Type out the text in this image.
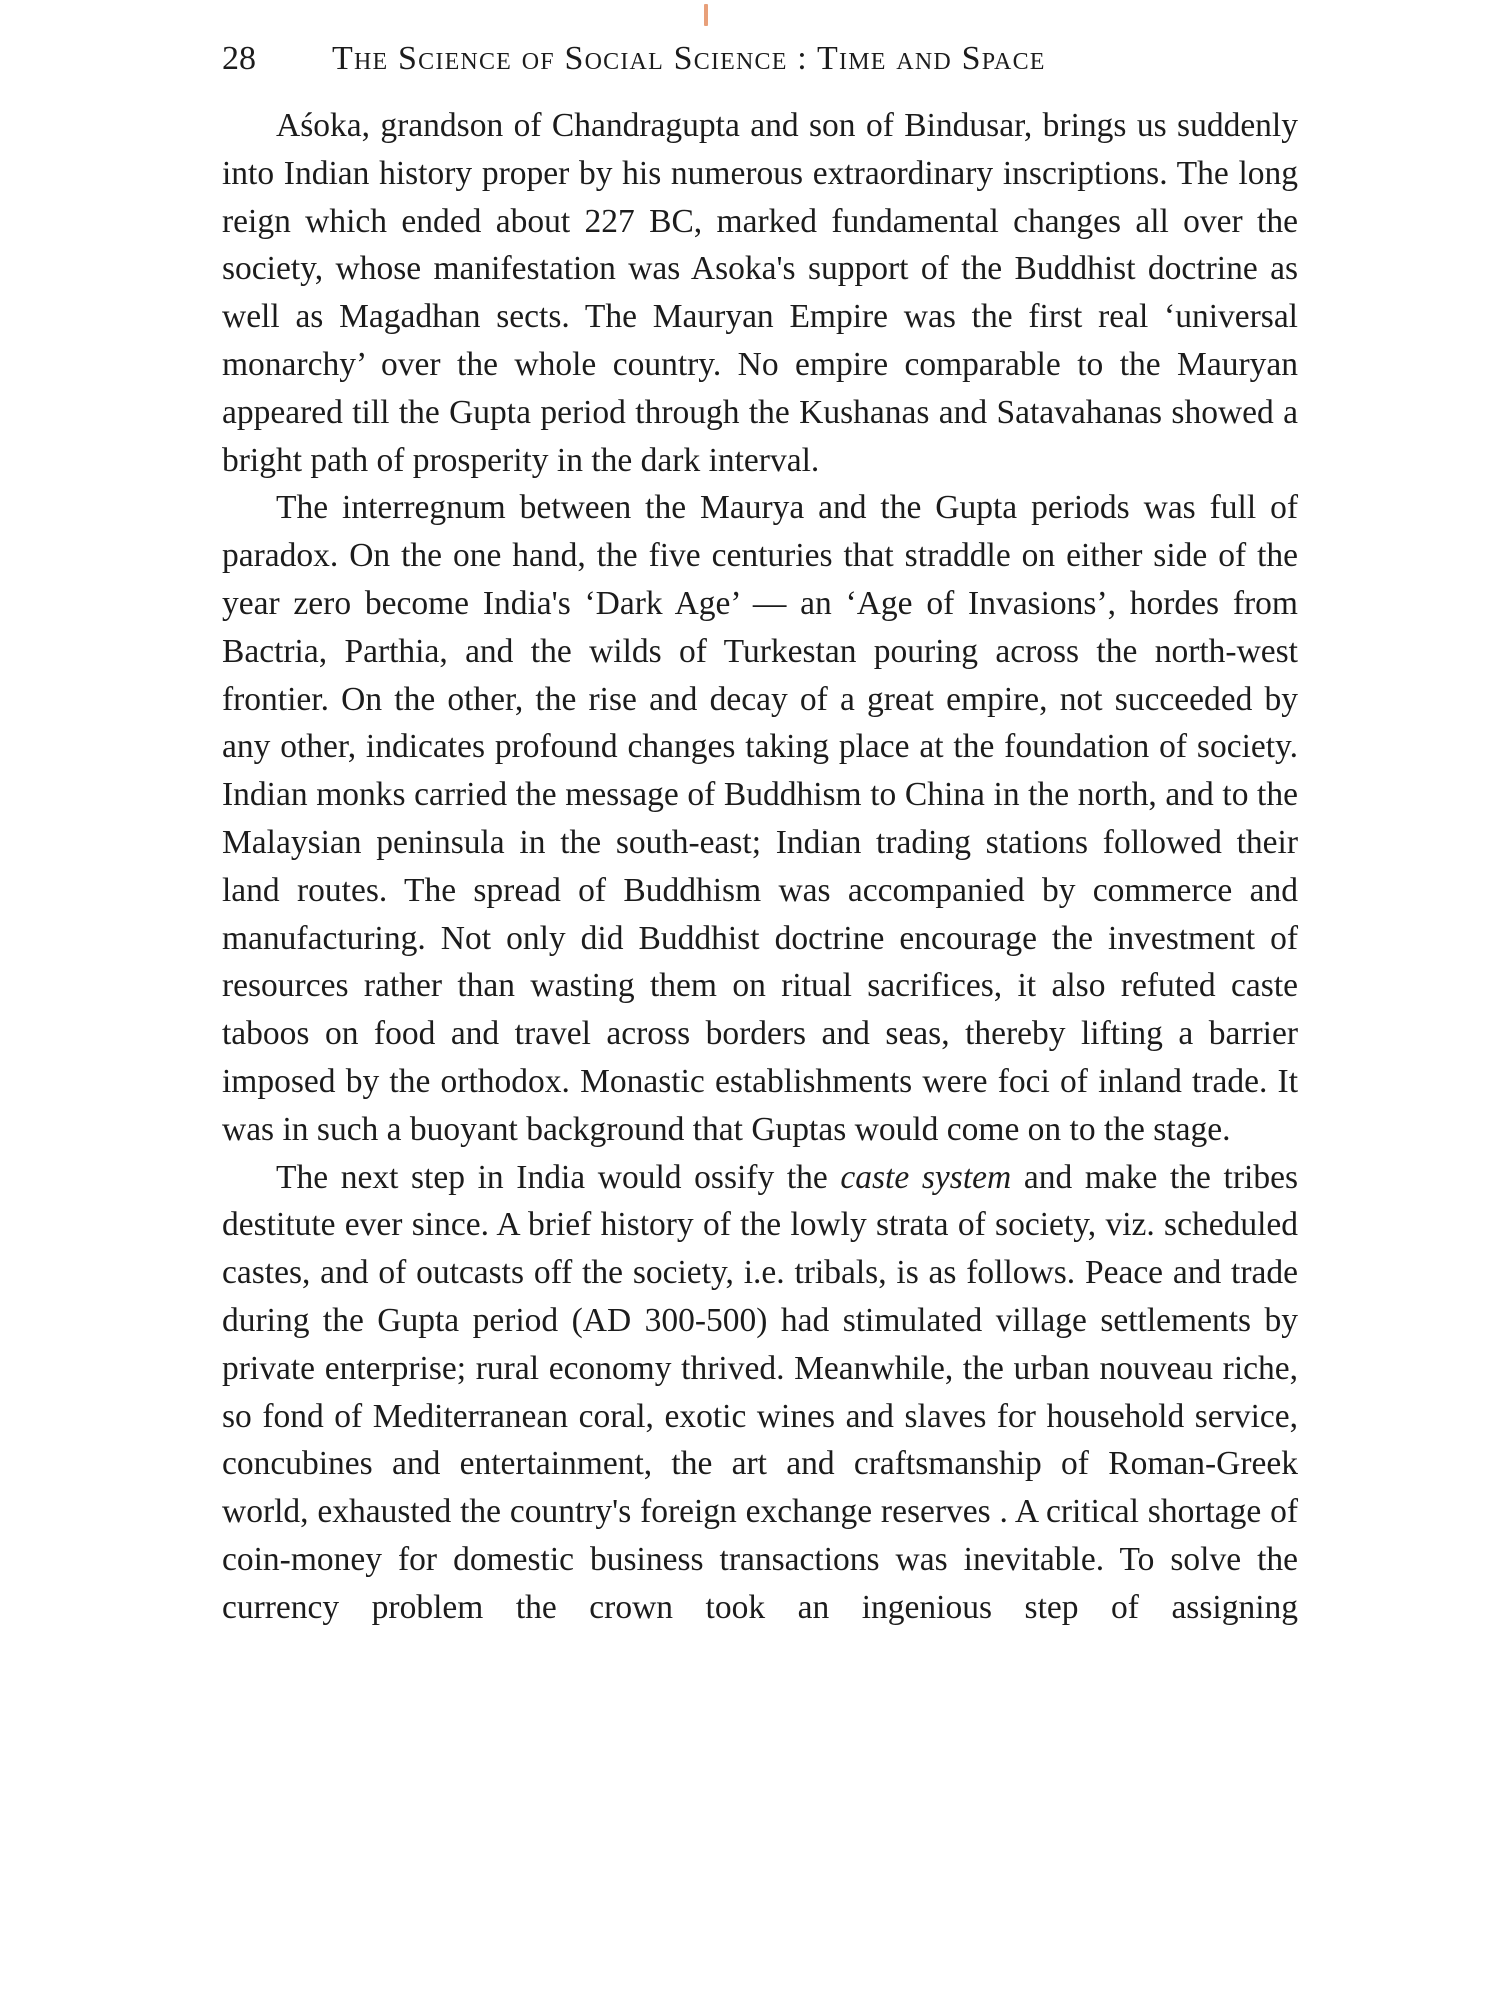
28	The Science of Social Science : Time and Space

Aśoka, grandson of Chandragupta and son of Bindusar, brings us suddenly into Indian history proper by his numerous extraordinary inscriptions. The long reign which ended about 227 BC, marked fundamental changes all over the society, whose manifestation was Asoka's support of the Buddhist doctrine as well as Magadhan sects. The Mauryan Empire was the first real ‘universal monarchy’ over the whole country. No empire comparable to the Mauryan appeared till the Gupta period through the Kushanas and Satavahanas showed a bright path of prosperity in the dark interval.

The interregnum between the Maurya and the Gupta periods was full of paradox. On the one hand, the five centuries that straddle on either side of the year zero become India's ‘Dark Age’ — an ‘Age of Invasions’, hordes from Bactria, Parthia, and the wilds of Turkestan pouring across the north-west frontier. On the other, the rise and decay of a great empire, not succeeded by any other, indicates profound changes taking place at the foundation of society. Indian monks carried the message of Buddhism to China in the north, and to the Malaysian peninsula in the south-east; Indian trading stations followed their land routes. The spread of Buddhism was accompanied by commerce and manufacturing. Not only did Buddhist doctrine encourage the investment of resources rather than wasting them on ritual sacrifices, it also refuted caste taboos on food and travel across borders and seas, thereby lifting a barrier imposed by the orthodox. Monastic establishments were foci of inland trade. It was in such a buoyant background that Guptas would come on to the stage.

The next step in India would ossify the caste system and make the tribes destitute ever since. A brief history of the lowly strata of society, viz. scheduled castes, and of outcasts off the society, i.e. tribals, is as follows. Peace and trade during the Gupta period (AD 300-500) had stimulated village settlements by private enterprise; rural economy thrived. Meanwhile, the urban nouveau riche, so fond of Mediterranean coral, exotic wines and slaves for household service, concubines and entertainment, the art and craftsmanship of Roman-Greek world, exhausted the country's foreign exchange reserves . A critical shortage of coin-money for domestic business transactions was inevitable. To solve the currency problem the crown took an ingenious step of assigning
